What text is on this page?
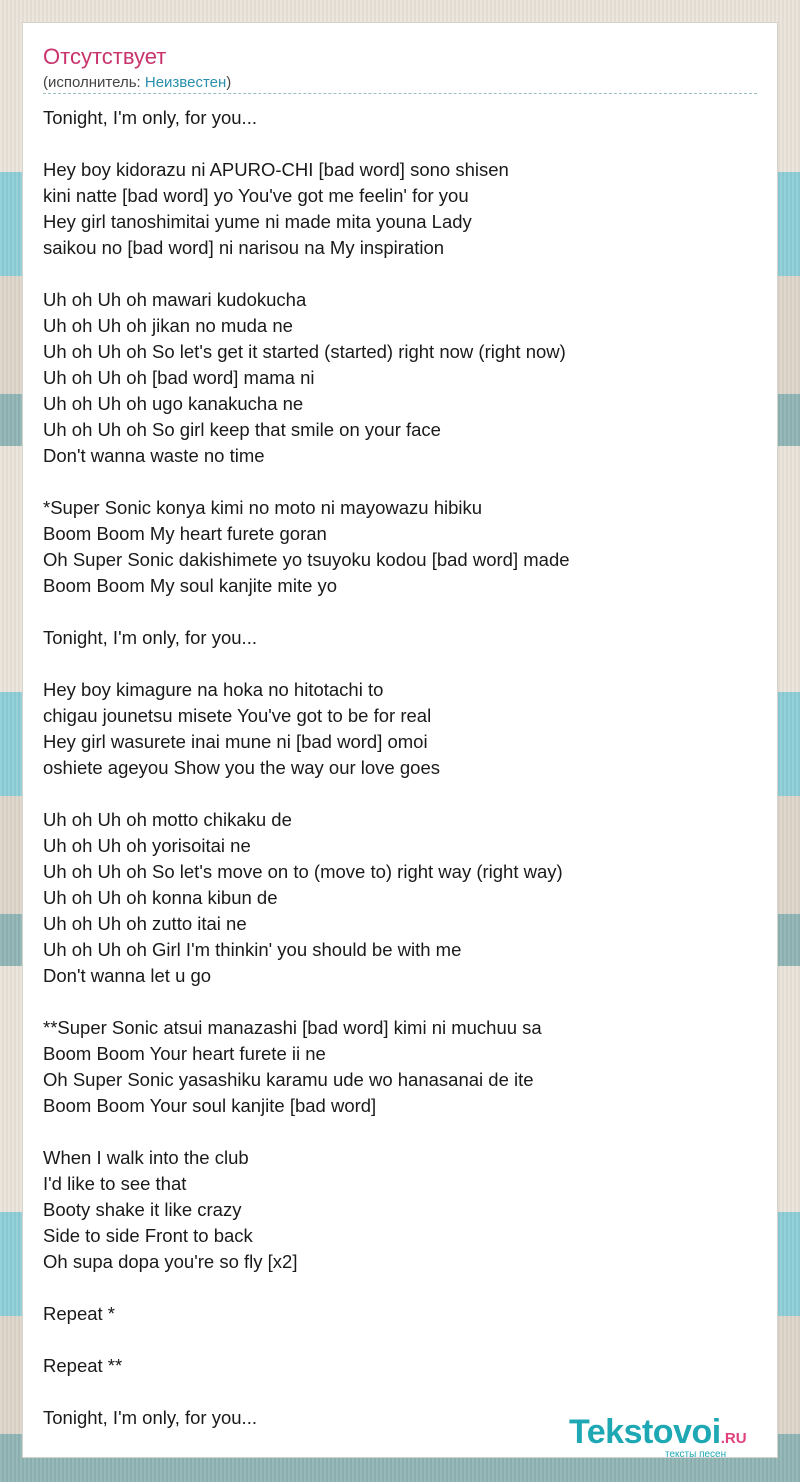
Отсутствует
(исполнитель: Неизвестен)
Tonight, I'm only, for you...
Hey boy kidorazu ni APURO-CHI [bad word] sono shisen
kini natte [bad word] yo You've got me feelin' for you
Hey girl tanoshimitai yume ni made mita youna Lady
saikou no [bad word] ni narisou na My inspiration
Uh oh Uh oh mawari kudokucha
Uh oh Uh oh jikan no muda ne
Uh oh Uh oh So let's get it started (started) right now (right now)
Uh oh Uh oh [bad word] mama ni
Uh oh Uh oh ugo kanakucha ne
Uh oh Uh oh So girl keep that smile on your face
Don't wanna waste no time
*Super Sonic konya kimi no moto ni mayowazu hibiku
Boom Boom My heart furete goran
Oh Super Sonic dakishimete yo tsuyoku kodou [bad word] made
Boom Boom My soul kanjite mite yo
Tonight, I'm only, for you...
Hey boy kimagure na hoka no hitotachi to
chigau jounetsu misete You've got to be for real
Hey girl wasurete inai mune ni [bad word] omoi
oshiete ageyou Show you the way our love goes
Uh oh Uh oh motto chikaku de
Uh oh Uh oh yorisoitai ne
Uh oh Uh oh So let's move on to (move to) right way (right way)
Uh oh Uh oh konna kibun de
Uh oh Uh oh zutto itai ne
Uh oh Uh oh Girl I'm thinkin' you should be with me
Don't wanna let u go
**Super Sonic atsui manazashi [bad word] kimi ni muchuu sa
Boom Boom Your heart furete ii ne
Oh Super Sonic yasashiku karamu ude wo hanasanai de ite
Boom Boom Your soul kanjite [bad word]
When I walk into the club
I'd like to see that
Booty shake it like crazy
Side to side Front to back
Oh supa dopa you're so fly [x2]
Repeat *
Repeat **
Tonight, I'm only, for you...	Tekstovoi.RU
тексты песен
